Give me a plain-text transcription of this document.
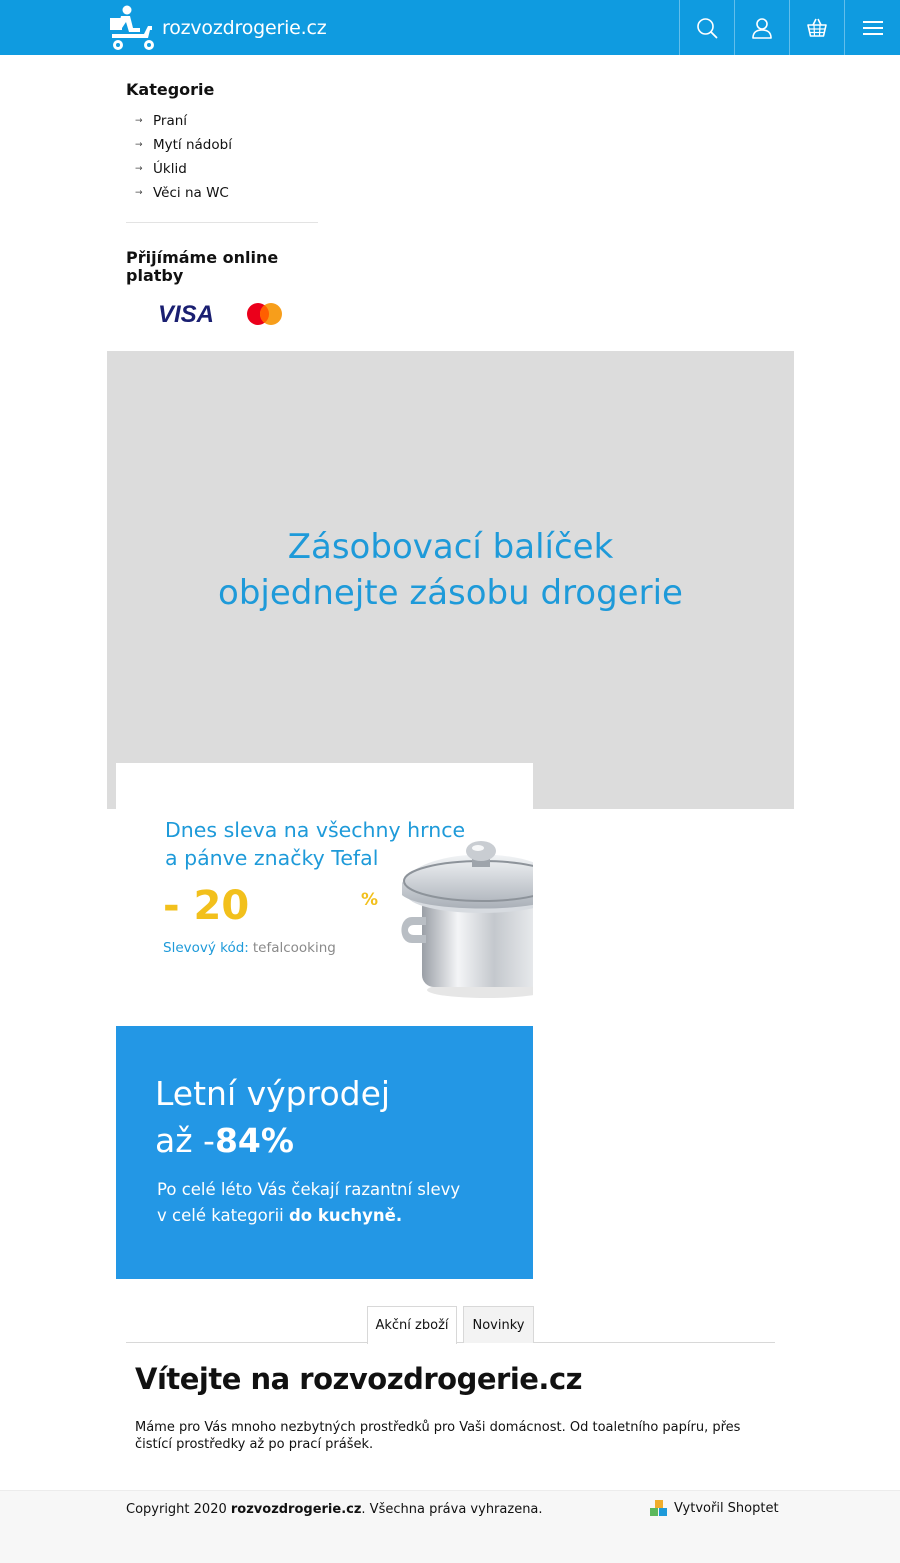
rozvozdrogerie.cz
Kategorie
→ Praní
→ Mytí nádobí
→ Úklid
→ Věci na WC
Přijímáme online platby
VISA
Zásobovací balíček
objednejte zásobu drogerie
Dnes sleva na všechny hrnce
a pánve značky Tefal
- 20	%
Slevový kód: tefalcooking
Letní výprodej
až -84%
Po celé léto Vás čekají razantní slevy
v celé kategorii do kuchyně.
Akční zboží	Novinky
Vítejte na rozvozdrogerie.cz

Máme pro Vás mnoho nezbytných prostředků pro Vaši domácnost. Od toaletního papíru, přes čistící prostředky až po prací prášek.

Copyright 2020 rozvozdrogerie.cz. Všechna práva vyhrazena.	Vytvořil Shoptet
